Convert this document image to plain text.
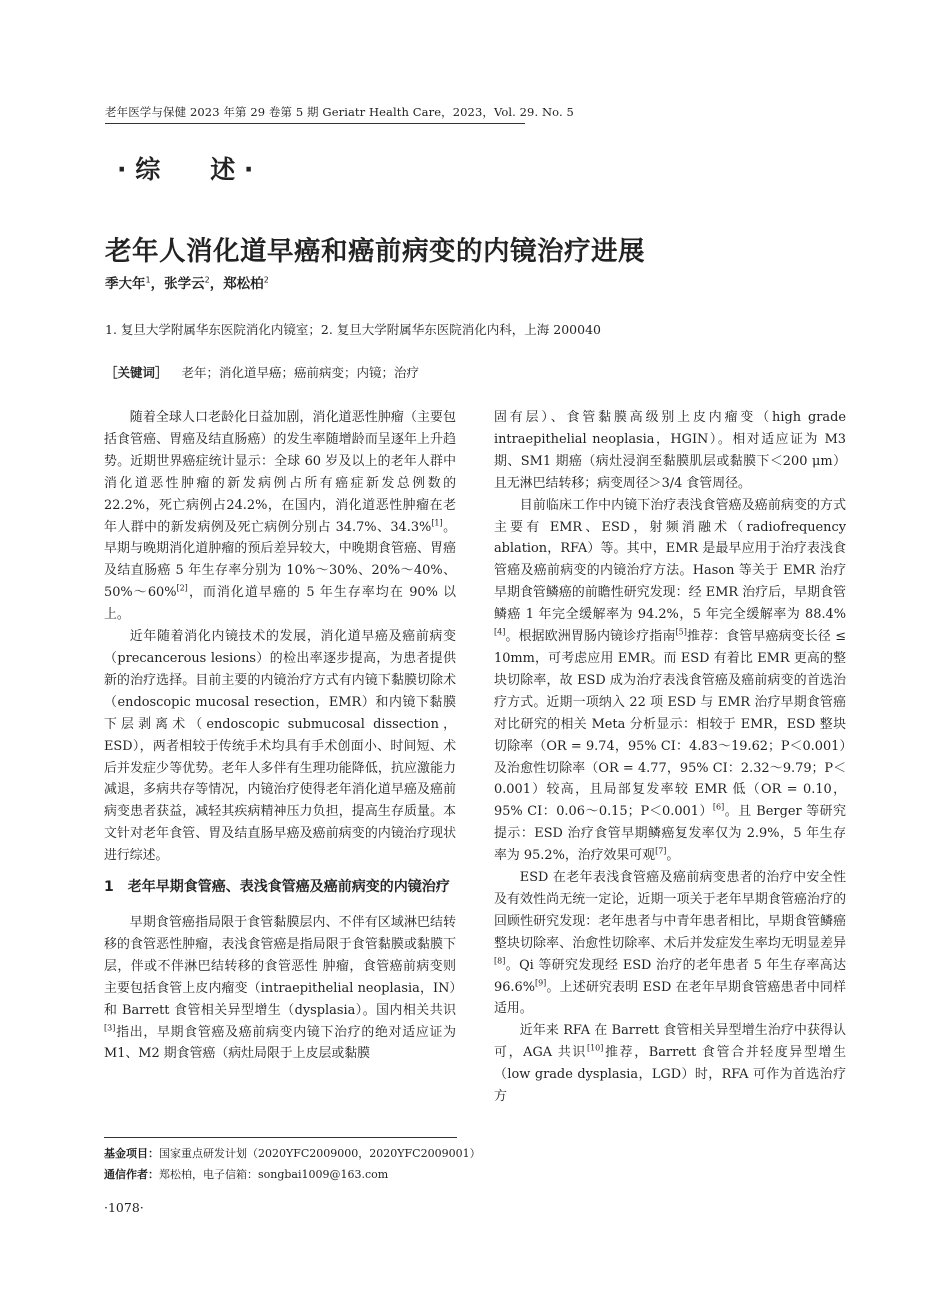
老年医学与保健 2023 年第 29 卷第 5 期 Geriatr Health Care，2023，Vol. 29. No. 5
· 综　　述 ·
老年人消化道早癌和癌前病变的内镜治疗进展
季大年$^1$，张学云$^2$，郑松柏$^2$
1. 复旦大学附属华东医院消化内镜室；2. 复旦大学附属华东医院消化内科，上海 200040
［关键词］ 老年；消化道早癌；癌前病变；内镜；治疗

随着全球人口老龄化日益加剧，消化道恶性肿瘤（主要包括食管癌、胃癌及结直肠癌）的发生率随增龄而呈逐年上升趋势。近期世界癌症统计显示：全球 60 岁及以上的老年人群中消化道恶性肿瘤的新发病例占所有癌症新发总例数的 22.2%，死亡病例占24.2%，在国内，消化道恶性肿瘤在老年人群中的新发病例及死亡病例分别占 34.7%、34.3%[1]。早期与晚期消化道肿瘤的预后差异较大，中晚期食管癌、胃癌及结直肠癌 5 年生存率分别为 10%～30%、20%～40%、50%～60%[2]，而消化道早癌的 5 年生存率均在 90% 以上。

近年随着消化内镜技术的发展，消化道早癌及癌前病变（precancerous lesions）的检出率逐步提高，为患者提供新的治疗选择。目前主要的内镜治疗方式有内镜下黏膜切除术（endoscopic mucosal resection，EMR）和内镜下黏膜下层剥离术（endoscopic submucosal dissection，ESD），两者相较于传统手术均具有手术创面小、时间短、术后并发症少等优势。老年人多伴有生理功能降低，抗应激能力减退，多病共存等情况，内镜治疗使得老年消化道早癌及癌前病变患者获益，减轻其疾病精神压力负担，提高生存质量。本文针对老年食管、胃及结直肠早癌及癌前病变的内镜治疗现状进行综述。

1　老年早期食管癌、表浅食管癌及癌前病变的内镜治疗

早期食管癌指局限于食管黏膜层内、不伴有区域淋巴结转移的食管恶性肿瘤，表浅食管癌是指局限于食管黏膜或黏膜下层，伴或不伴淋巴结转移的食管恶性 肿瘤，食管癌前病变则主要包括食管上皮内瘤变（intraepithelial neoplasia，IN）和 Barrett 食管相关异型增生（dysplasia）。国内相关共识[3]指出，早期食管癌及癌前病变内镜下治疗的绝对适应证为 M1、M2 期食管癌（病灶局限于上皮层或黏膜

固有层）、食管黏膜高级别上皮内瘤变（high grade intraepithelial neoplasia，HGIN）。相对适应证为 M3 期、SM1 期癌（病灶浸润至黏膜肌层或黏膜下＜200 μm）且无淋巴结转移；病变周径＞3/4 食管周径。

目前临床工作中内镜下治疗表浅食管癌及癌前病变的方式主要有 EMR、ESD，射频消融术（radiofrequency ablation，RFA）等。其中，EMR 是最早应用于治疗表浅食管癌及癌前病变的内镜治疗方法。Hason 等关于 EMR 治疗早期食管鳞癌的前瞻性研究发现：经 EMR 治疗后，早期食管鳞癌 1 年完全缓解率为 94.2%，5 年完全缓解率为 88.4%[4]。根据欧洲胃肠内镜诊疗指南[5]推荐：食管早癌病变长径 ≤ 10mm，可考虑应用 EMR。而 ESD 有着比 EMR 更高的整块切除率，故 ESD 成为治疗表浅食管癌及癌前病变的首选治疗方式。近期一项纳入 22 项 ESD 与 EMR 治疗早期食管癌对比研究的相关 Meta 分析显示：相较于 EMR，ESD 整块切除率（OR = 9.74，95% CI：4.83～19.62；P＜0.001）及治愈性切除率（OR = 4.77，95% CI：2.32～9.79；P＜0.001）较高，且局部复发率较 EMR 低（OR = 0.10，95% CI：0.06～0.15；P＜0.001）[6]。且 Berger 等研究提示：ESD 治疗食管早期鳞癌复发率仅为 2.9%，5 年生存率为 95.2%，治疗效果可观[7]。

ESD 在老年表浅食管癌及癌前病变患者的治疗中安全性及有效性尚无统一定论，近期一项关于老年早期食管癌治疗的回顾性研究发现：老年患者与中青年患者相比，早期食管鳞癌整块切除率、治愈性切除率、术后并发症发生率均无明显差异[8]。Qi 等研究发现经 ESD 治疗的老年患者 5 年生存率高达 96.6%[9]。上述研究表明 ESD 在老年早期食管癌患者中同样适用。

近年来 RFA 在 Barrett 食管相关异型增生治疗中获得认可，AGA 共识[10]推荐，Barrett 食管合并轻度异型增生（low grade dysplasia，LGD）时，RFA 可作为首选治疗方

基金项目：国家重点研发计划（2020YFC2009000，2020YFC2009001）
通信作者：郑松柏，电子信箱：songbai1009@163.com
·1078·
